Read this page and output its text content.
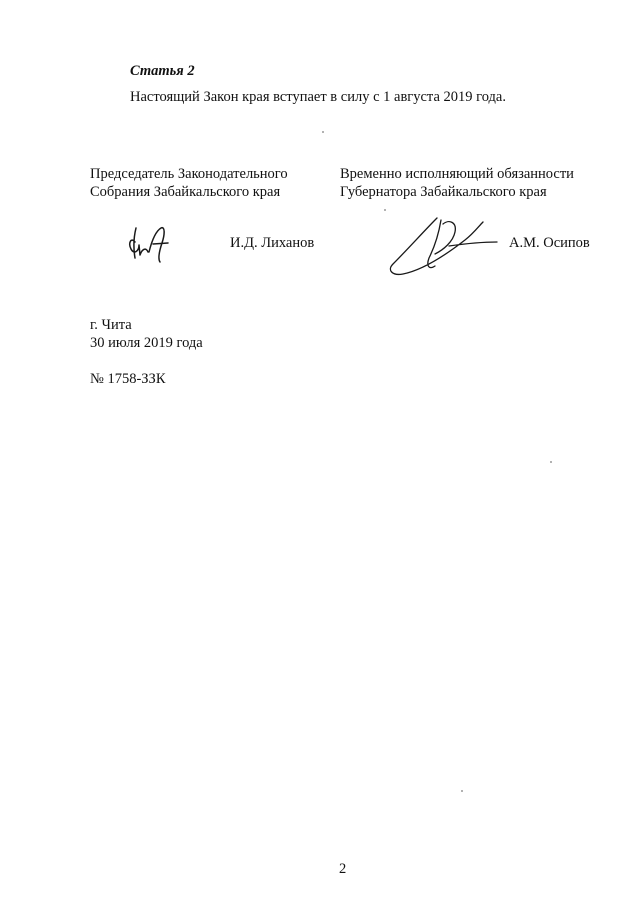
Статья 2
Настоящий Закон края вступает в силу с 1 августа 2019 года.
Председатель Законодательного
Собрания Забайкальского края
И.Д. Лиханов
Временно исполняющий обязанности
Губернатора Забайкальского края
А.М. Осипов
г. Чита
30 июля 2019 года
№ 1758-ЗЗК
2
